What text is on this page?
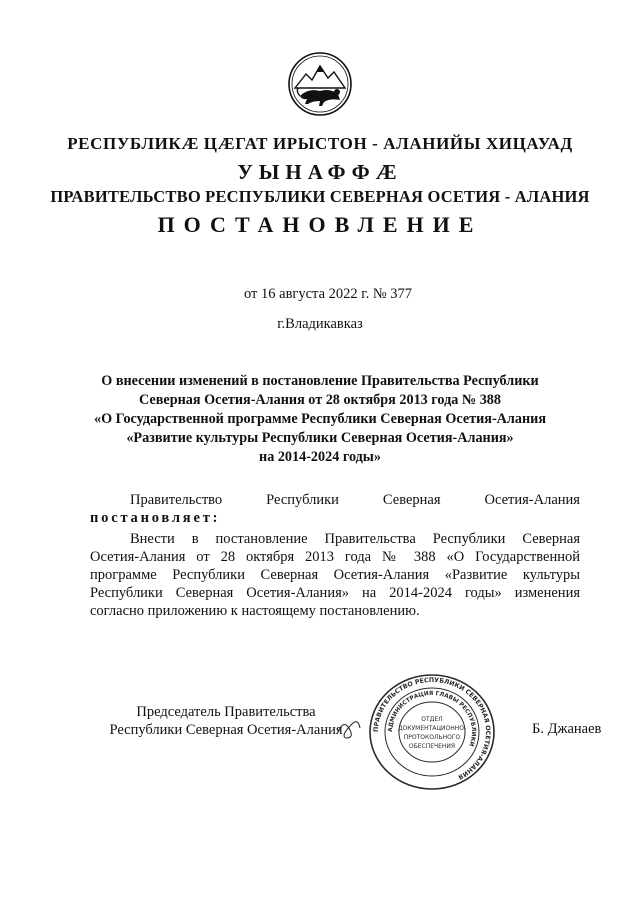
РЕСПУБЛИКӔ ЦӔГАТ ИРЫСТОН - АЛАНИЙЫ ХИЦАУАД
УЫНАФФӔ
ПРАВИТЕЛЬСТВО РЕСПУБЛИКИ СЕВЕРНАЯ ОСЕТИЯ - АЛАНИЯ
ПОСТАНОВЛЕНИЕ
от 16 августа 2022 г. № 377
г.Владикавказ
О внесении изменений в постановление Правительства Республики
Северная Осетия-Алания от 28 октября 2013 года № 388
«О Государственной программе Республики Северная Осетия-Алания
«Развитие культуры Республики Северная Осетия-Алания»
на 2014-2024 годы»
Правительство	Республики	Северная	Осетия-Алания
постановляет:
Внести в постановление Правительства Республики Северная
Осетия-Алания от 28 октября 2013 года № 388 «О Государственной
программе Республики Северная Осетия-Алания «Развитие культуры
Республики Северная Осетия-Алания» на 2014-2024 годы» изменения
согласно приложению к настоящему постановлению.
Председатель Правительства
Республики Северная Осетия-Алания	ПРАВИТЕЛЬСТВО РЕСПУБЛИКИ СЕВЕРНАЯ ОСЕТИЯ-АЛАНИЯ
АДМИНИСТРАЦИЯ ГЛАВЫ РЕСПУБЛИКИ
ОТДЕЛ
ДОКУМЕНТАЦИОННО-
ПРОТОКОЛЬНОГО
ОБЕСПЕЧЕНИЯ
Б. Джанаев
